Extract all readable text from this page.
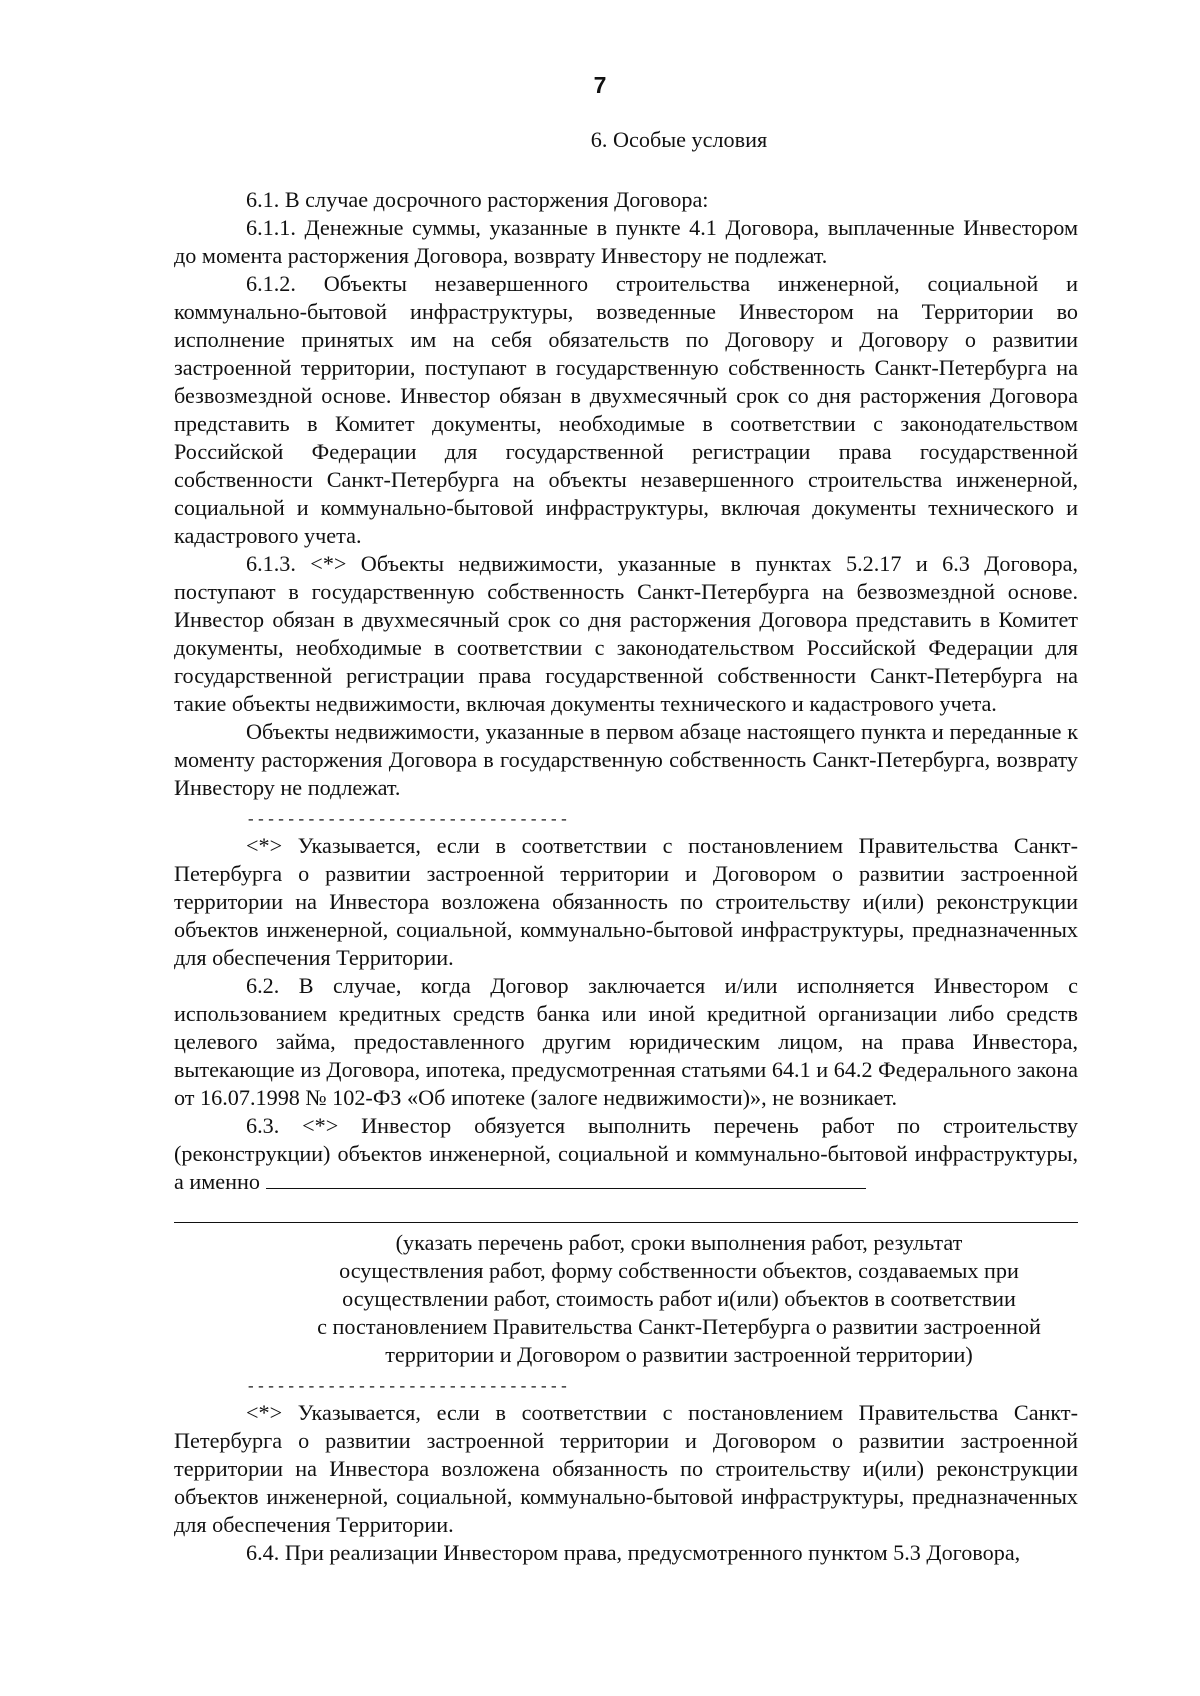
7
6. Особые условия

6.1. В случае досрочного расторжения Договора:

6.1.1. Денежные суммы, указанные в пункте 4.1 Договора, выплаченные Инвестором до момента расторжения Договора, возврату Инвестору не подлежат.

6.1.2. Объекты незавершенного строительства инженерной, социальной и коммунально-бытовой инфраструктуры, возведенные Инвестором на Территории во исполнение принятых им на себя обязательств по Договору и Договору о развитии застроенной территории, поступают в государственную собственность Санкт-Петербурга на безвозмездной основе. Инвестор обязан в двухмесячный срок со дня расторжения Договора представить в Комитет документы, необходимые в соответствии с законодательством Российской Федерации для государственной регистрации права государственной собственности Санкт-Петербурга на объекты незавершенного строительства инженерной, социальной и коммунально-бытовой инфраструктуры, включая документы технического и кадастрового учета.

6.1.3. <*> Объекты недвижимости, указанные в пунктах 5.2.17 и 6.3 Договора, поступают в государственную собственность Санкт-Петербурга на безвозмездной основе. Инвестор обязан в двухмесячный срок со дня расторжения Договора представить в Комитет документы, необходимые в соответствии с законодательством Российской Федерации для государственной регистрации права государственной собственности Санкт-Петербурга на такие объекты недвижимости, включая документы технического и кадастрового учета.

Объекты недвижимости, указанные в первом абзаце настоящего пункта и переданные к моменту расторжения Договора в государственную собственность Санкт-Петербурга, возврату Инвестору не подлежат.

--------------------------------

<*> Указывается, если в соответствии с постановлением Правительства Санкт-Петербурга о развитии застроенной территории и Договором о развитии застроенной территории на Инвестора возложена обязанность по строительству и(или) реконструкции объектов инженерной, социальной, коммунально-бытовой инфраструктуры, предназначенных для обеспечения Территории.

6.2. В случае, когда Договор заключается и/или исполняется Инвестором с использованием кредитных средств банка или иной кредитной организации либо средств целевого займа, предоставленного другим юридическим лицом, на права Инвестора, вытекающие из Договора, ипотека, предусмотренная статьями 64.1 и 64.2 Федерального закона от 16.07.1998 № 102-ФЗ «Об ипотеке (залоге недвижимости)», не возникает.

6.3. <*> Инвестор обязуется выполнить перечень работ по строительству (реконструкции) объектов инженерной, социальной и коммунально-бытовой инфраструктуры, а именно

(указать перечень работ, сроки выполнения работ, результат
осуществления работ, форму собственности объектов, создаваемых при
осуществлении работ, стоимость работ и(или) объектов в соответствии
с постановлением Правительства Санкт-Петербурга о развитии застроенной
территории и Договором о развитии застроенной территории)
--------------------------------

<*> Указывается, если в соответствии с постановлением Правительства Санкт-Петербурга о развитии застроенной территории и Договором о развитии застроенной территории на Инвестора возложена обязанность по строительству и(или) реконструкции объектов инженерной, социальной, коммунально-бытовой инфраструктуры, предназначенных для обеспечения Территории.

6.4. При реализации Инвестором права, предусмотренного пунктом 5.3 Договора,
